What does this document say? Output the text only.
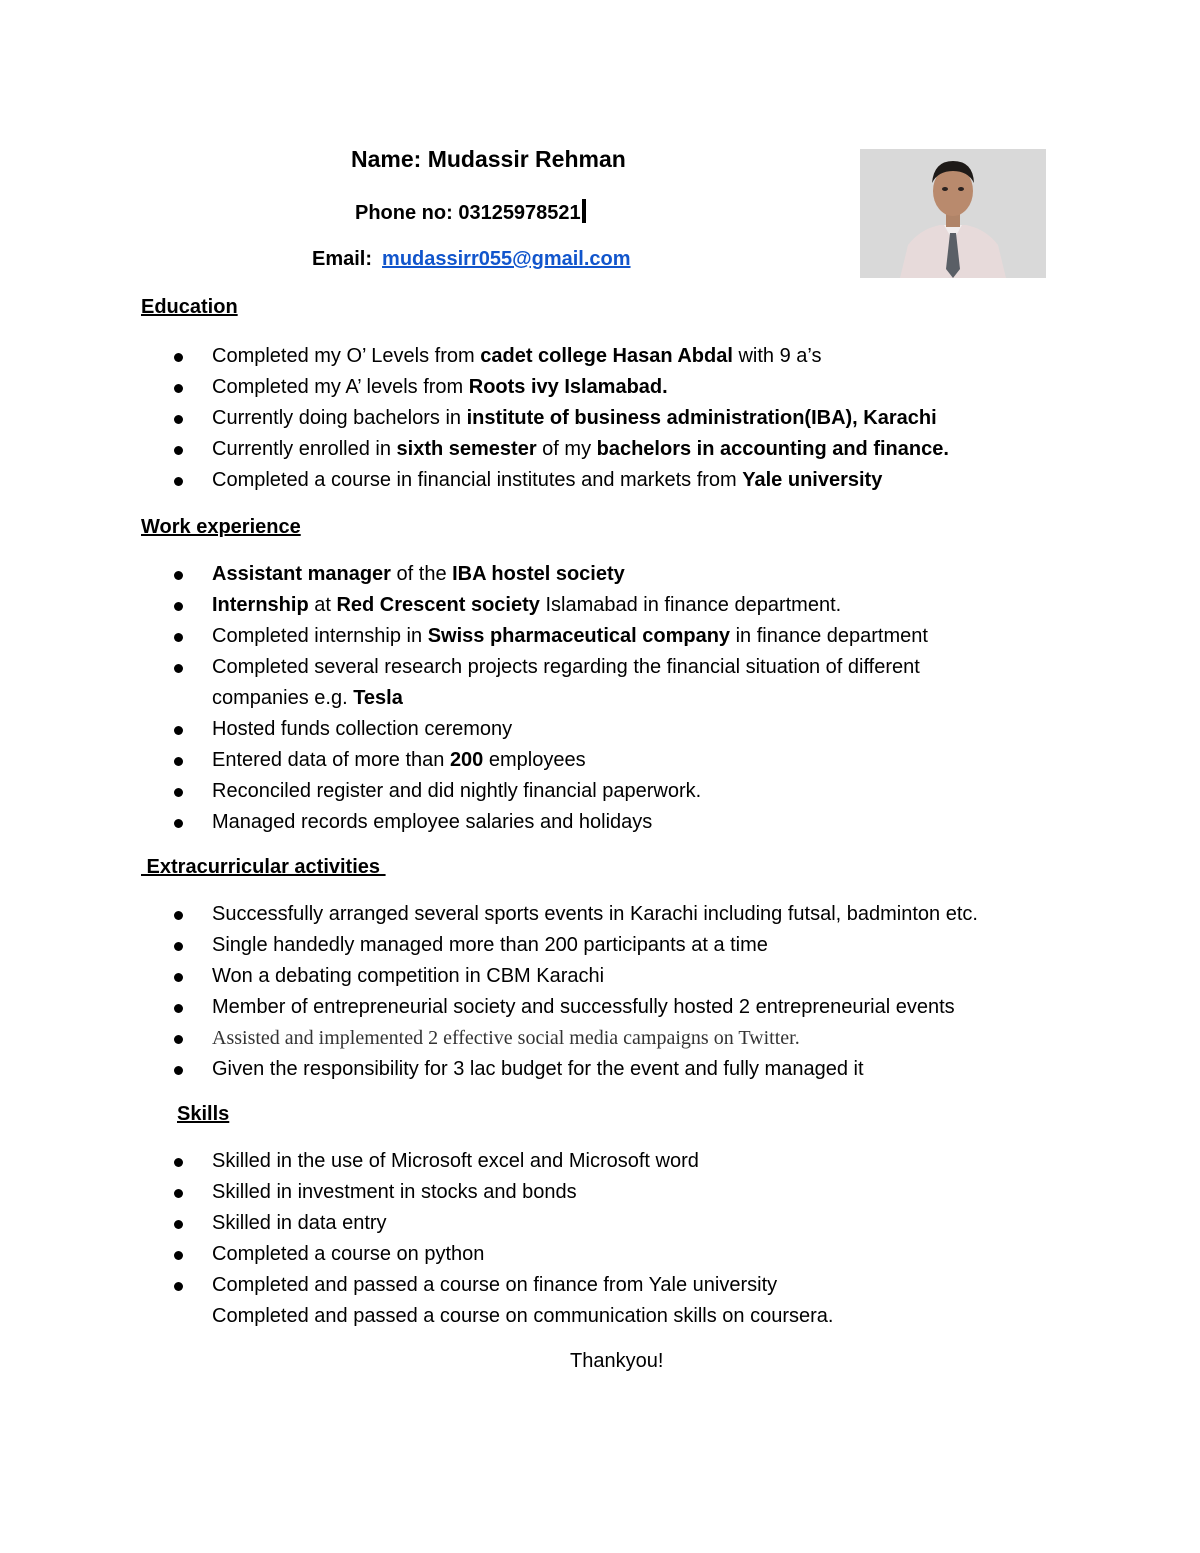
Name: Mudassir Rehman
Phone no: 03125978521
Email: mudassirr055@gmail.com
Education
Completed my O’ Levels from cadet college Hasan Abdal with 9 a’s
Completed my A’ levels from Roots ivy Islamabad.
Currently doing bachelors in institute of business administration(IBA), Karachi
Currently enrolled in sixth semester of my bachelors in accounting and finance.
Completed a course in financial institutes and markets from Yale university
Work experience
Assistant manager of the IBA hostel society
Internship at Red Crescent society Islamabad in finance department.
Completed internship in Swiss pharmaceutical company in finance department
Completed several research projects regarding the financial situation of different
companies e.g. Tesla
Hosted funds collection ceremony
Entered data of more than 200 employees
Reconciled register and did nightly financial paperwork.
Managed records employee salaries and holidays
Extracurricular activities
Successfully arranged several sports events in Karachi including futsal, badminton etc.
Single handedly managed more than 200 participants at a time
Won a debating competition in CBM Karachi
Member of entrepreneurial society and successfully hosted 2 entrepreneurial events
Assisted and implemented 2 effective social media campaigns on Twitter.
Given the responsibility for 3 lac budget for the event and fully managed it
Skills
Skilled in the use of Microsoft excel and Microsoft word
Skilled in investment in stocks and bonds
Skilled in data entry
Completed a course on python
Completed and passed a course on finance from Yale university
Completed and passed a course on communication skills on coursera.
Thankyou!
